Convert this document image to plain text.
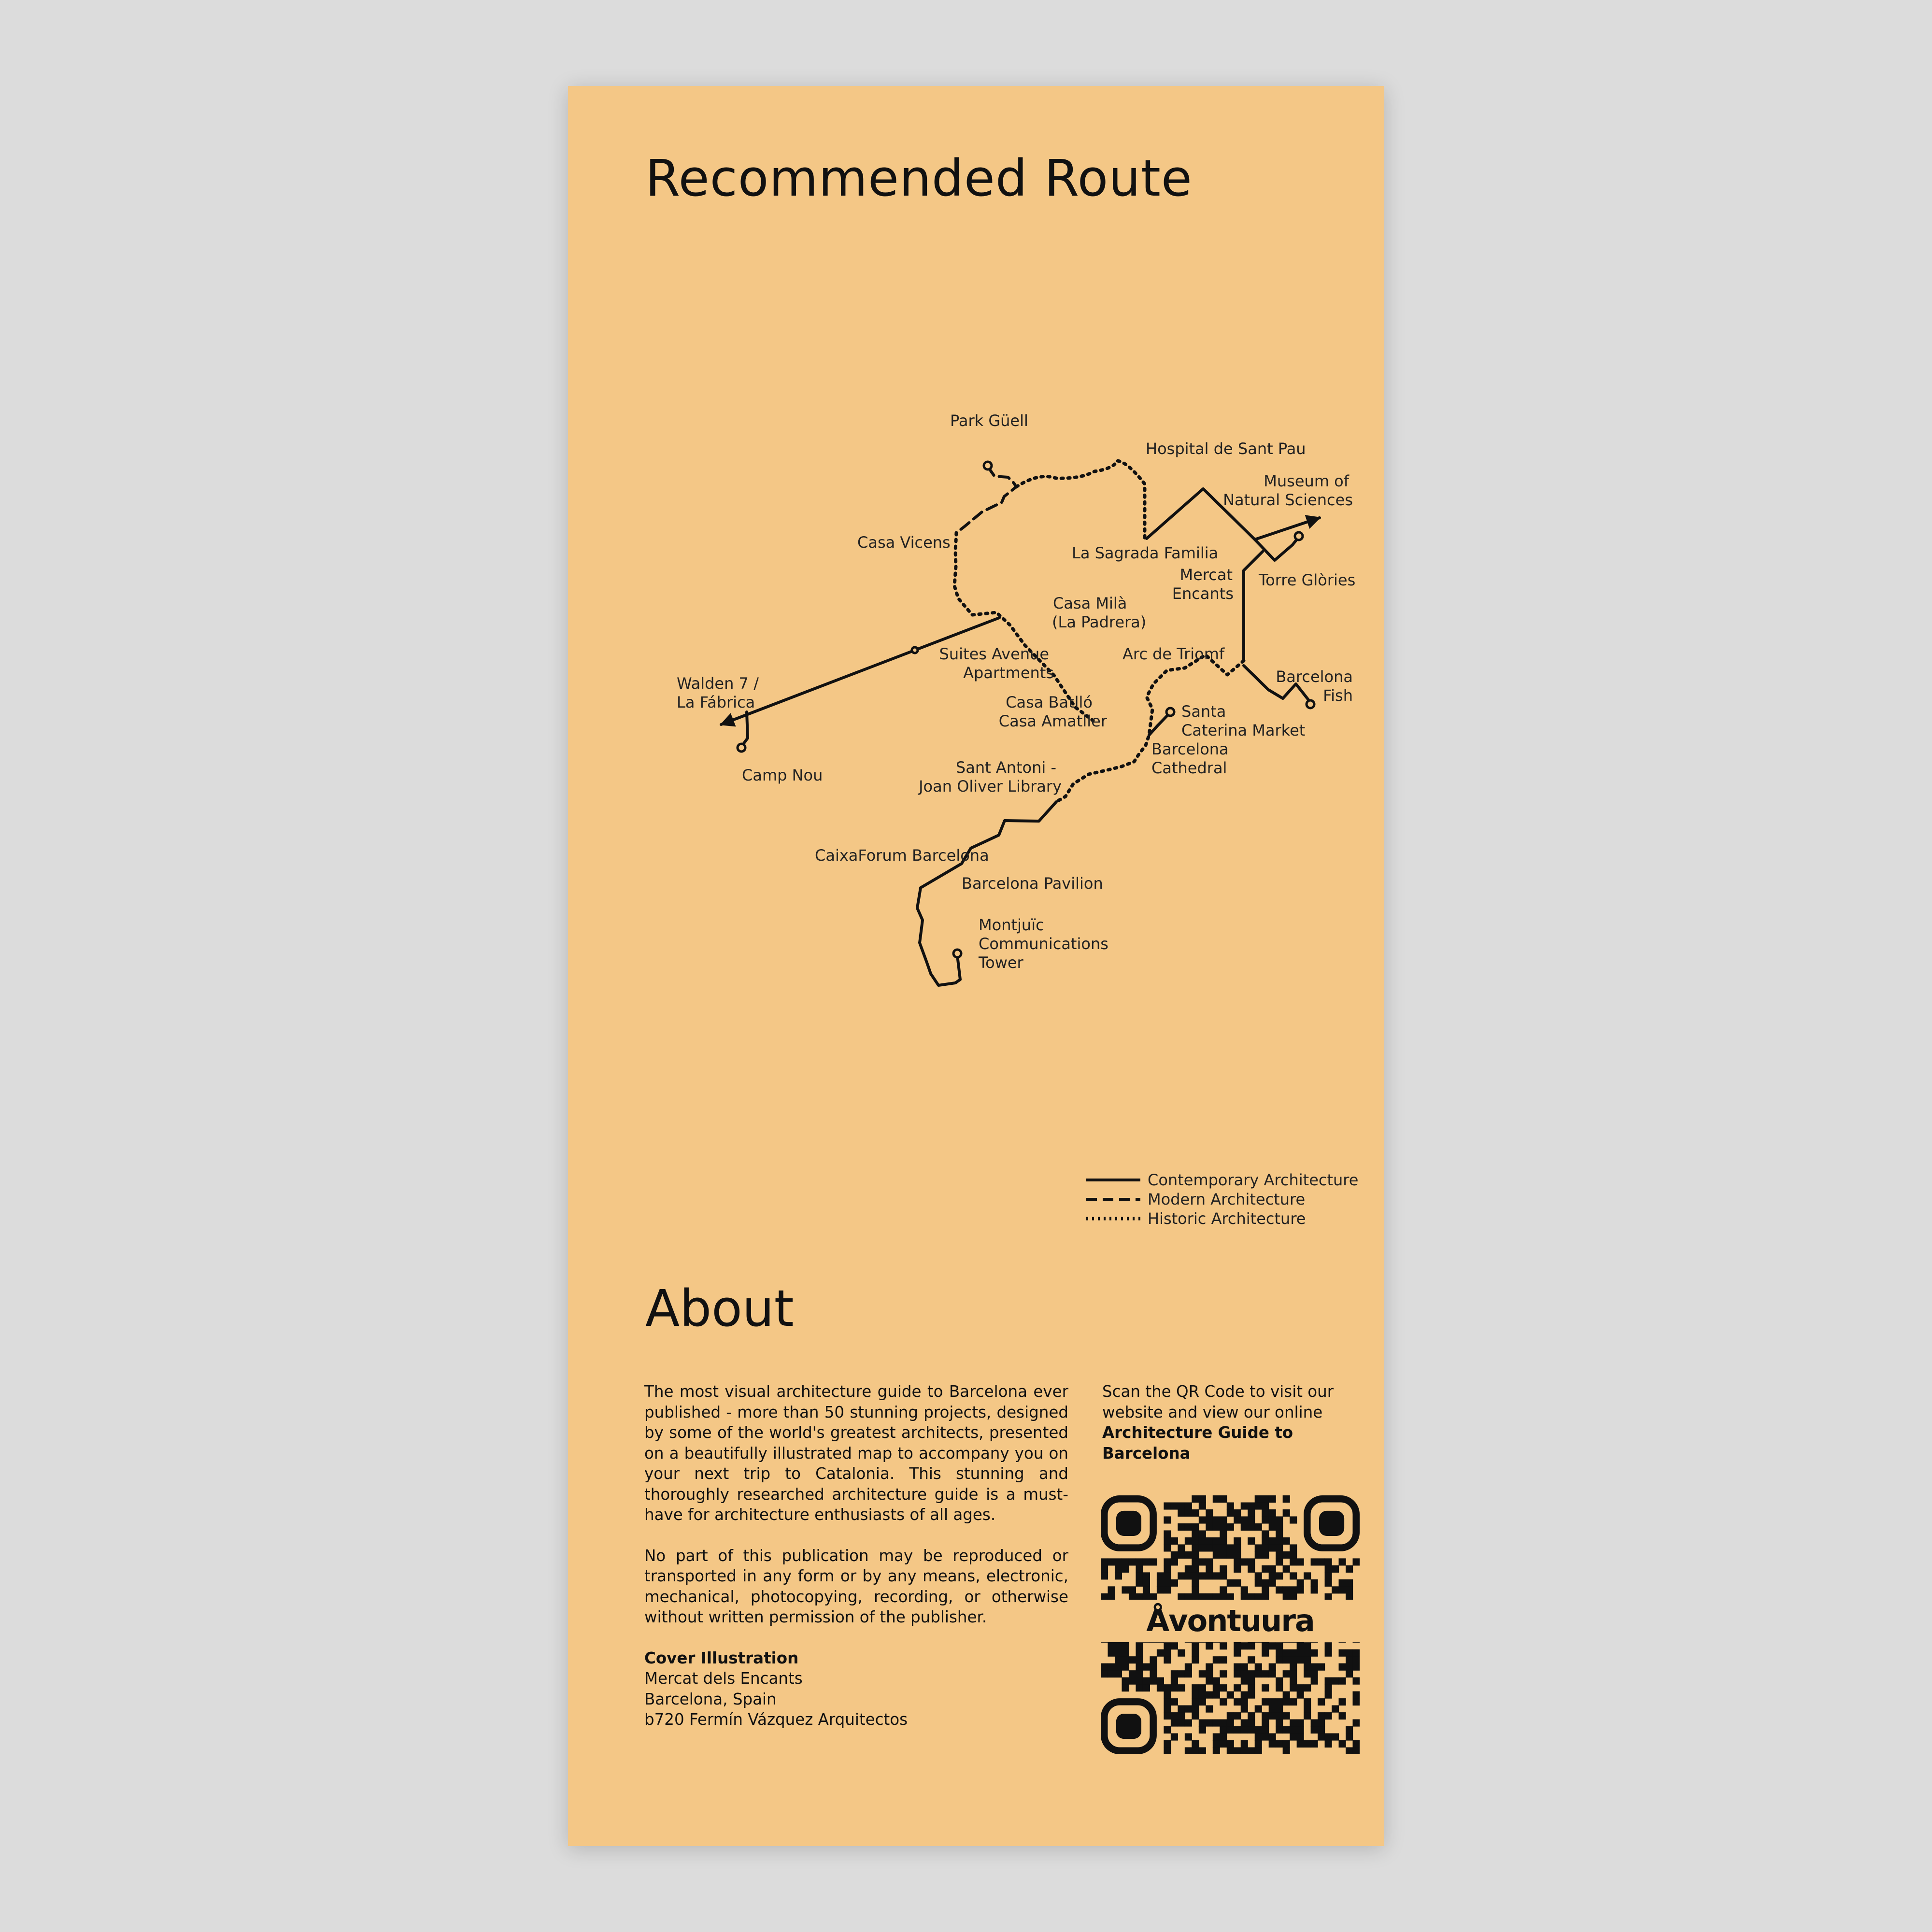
Recommended Route
Park Güell
Hospital de Sant Pau
Museum of
Natural Sciences
La Sagrada Familia
Casa Vicens
Mercat
Encants
Torre Glòries
Casa Milà
(La Padrera)
Suites Avenue
Apartments
Arc de Triomf
Walden 7 /
La Fábrica
Barcelona
Fish
Casa Batlló
Casa Amatller
Santa
Caterina Market
Barcelona
Cathedral
Camp Nou	Sant Antoni -
Joan Oliver Library
CaixaForum Barcelona
Barcelona Pavilion
Montjuïc
Communications
Tower
Contemporary Architecture
Modern Architecture
Historic Architecture
About

The most visual architecture guide to Barcelona ever published - more than 50 stunning projects, designed by some of the world's greatest architects, presented on a beautifully illustrated map to accompany you on your next trip to Catalonia. This stunning and thoroughly researched architecture guide is a must-have for architecture enthusiasts of all ages.

No part of this publication may be reproduced or transported in any form or by any means, electronic, mechanical, photocopying, recording, or otherwise without written permission of the publisher.

Cover Illustration
Mercat dels Encants
Barcelona, Spain
b720 Fermín Vázquez Arquitectos
Scan the QR Code to visit our website and view our online Architecture Guide to Barcelona
Åvontuura
